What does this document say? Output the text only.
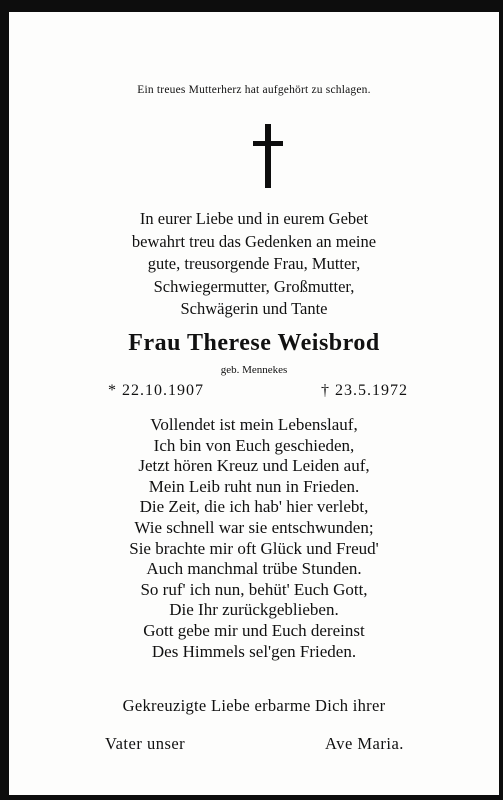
Ein treues Mutterherz hat aufgehört zu schlagen.
In eurer Liebe und in eurem Gebet
bewahrt treu das Gedenken an meine
gute, treusorgende Frau, Mutter,
Schwiegermutter, Großmutter,
Schwägerin und Tante
Frau Therese Weisbrod
geb. Mennekes
* 22.10.1907	† 23.5.1972
Vollendet ist mein Lebenslauf,
Ich bin von Euch geschieden,
Jetzt hören Kreuz und Leiden auf,
Mein Leib ruht nun in Frieden.
Die Zeit, die ich hab' hier verlebt,
Wie schnell war sie entschwunden;
Sie brachte mir oft Glück und Freud'
Auch manchmal trübe Stunden.
So ruf' ich nun, behüt' Euch Gott,
Die Ihr zurückgeblieben.
Gott gebe mir und Euch dereinst
Des Himmels sel'gen Frieden.
Gekreuzigte Liebe erbarme Dich ihrer
Vater unser	Ave Maria.
